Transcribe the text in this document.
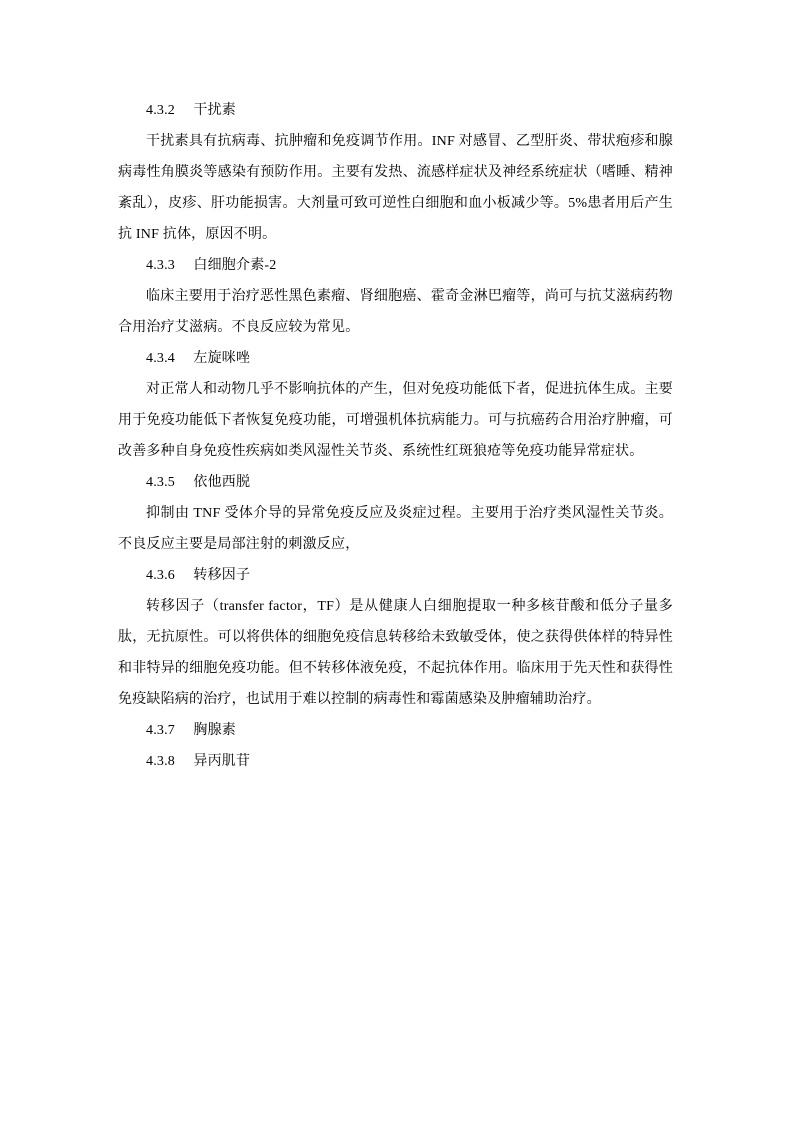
4.3.2 干扰素

干扰素具有抗病毒、抗肿瘤和免疫调节作用。INF 对感冒、乙型肝炎、带状疱疹和腺病毒性角膜炎等感染有预防作用。主要有发热、流感样症状及神经系统症状（嗜睡、精神紊乱），皮疹、肝功能损害。大剂量可致可逆性白细胞和血小板减少等。5%患者用后产生抗 INF 抗体，原因不明。

4.3.3 白细胞介素-2

临床主要用于治疗恶性黑色素瘤、肾细胞癌、霍奇金淋巴瘤等，尚可与抗艾滋病药物合用治疗艾滋病。不良反应较为常见。

4.3.4 左旋咪唑

对正常人和动物几乎不影响抗体的产生，但对免疫功能低下者，促进抗体生成。主要用于免疫功能低下者恢复免疫功能，可增强机体抗病能力。可与抗癌药合用治疗肿瘤，可改善多种自身免疫性疾病如类风湿性关节炎、系统性红斑狼疮等免疫功能异常症状。

4.3.5 依他西脱

抑制由 TNF 受体介导的异常免疫反应及炎症过程。主要用于治疗类风湿性关节炎。不良反应主要是局部注射的刺激反应，

4.3.6 转移因子

转移因子（transfer factor，TF）是从健康人白细胞提取一种多核苷酸和低分子量多肽，无抗原性。可以将供体的细胞免疫信息转移给未致敏受体，使之获得供体样的特异性和非特异的细胞免疫功能。但不转移体液免疫，不起抗体作用。临床用于先天性和获得性免疫缺陷病的治疗，也试用于难以控制的病毒性和霉菌感染及肿瘤辅助治疗。

4.3.7 胸腺素
4.3.8 异丙肌苷
